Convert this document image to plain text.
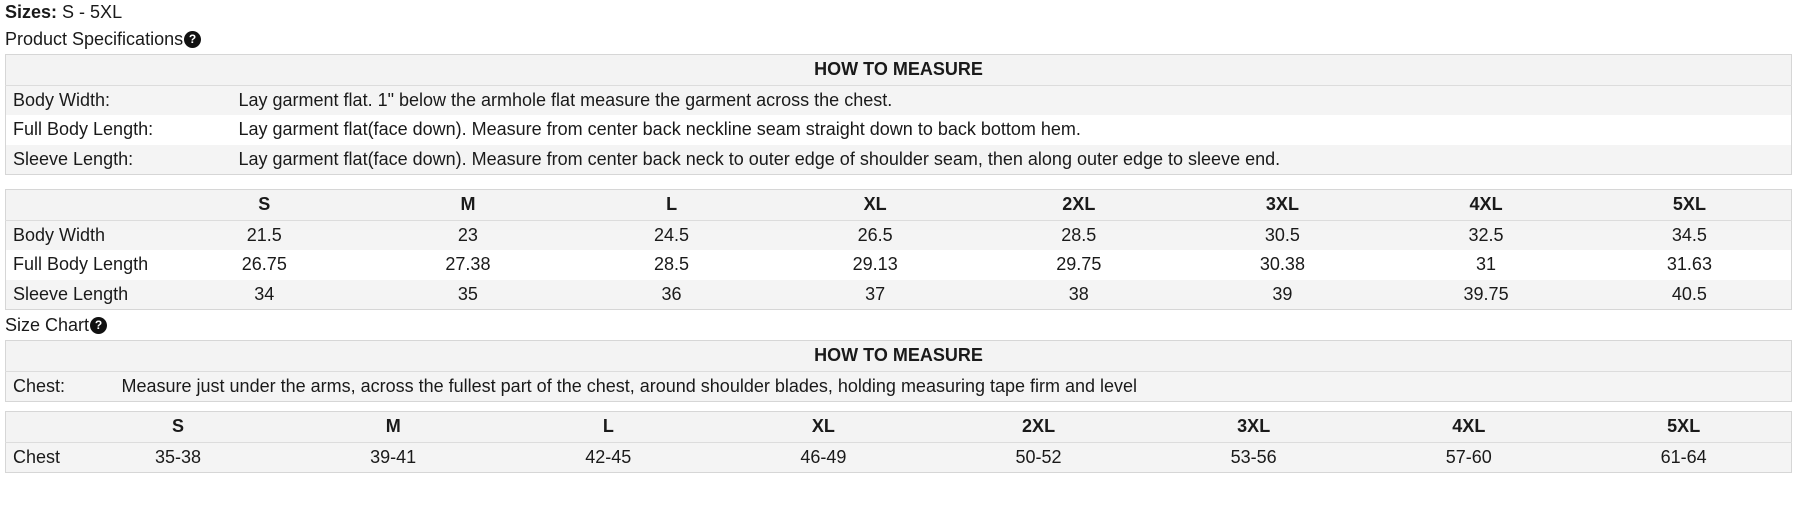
Sizes: S - 5XL
Product Specifications ?
HOW TO MEASURE	
Body Width:	Lay garment flat. 1" below the armhole flat measure the garment across the chest.
Full Body Length:	Lay garment flat(face down). Measure from center back neckline seam straight down to back bottom hem.
Sleeve Length:	Lay garment flat(face down). Measure from center back neck to outer edge of shoulder seam, then along outer edge to sleeve end.
	S	M	L	XL	2XL	3XL	4XL	5XL
Body Width	21.5	23	24.5	26.5	28.5	30.5	32.5	34.5
Full Body Length	26.75	27.38	28.5	29.13	29.75	30.38	31	31.63
Sleeve Length	34	35	36	37	38	39	39.75	40.5
Size Chart ?
HOW TO MEASURE
Chest:	Measure just under the arms, across the fullest part of the chest, around shoulder blades, holding measuring tape firm and level
	S	M	L	XL	2XL	3XL	4XL	5XL
Chest	35-38	39-41	42-45	46-49	50-52	53-56	57-60	61-64
